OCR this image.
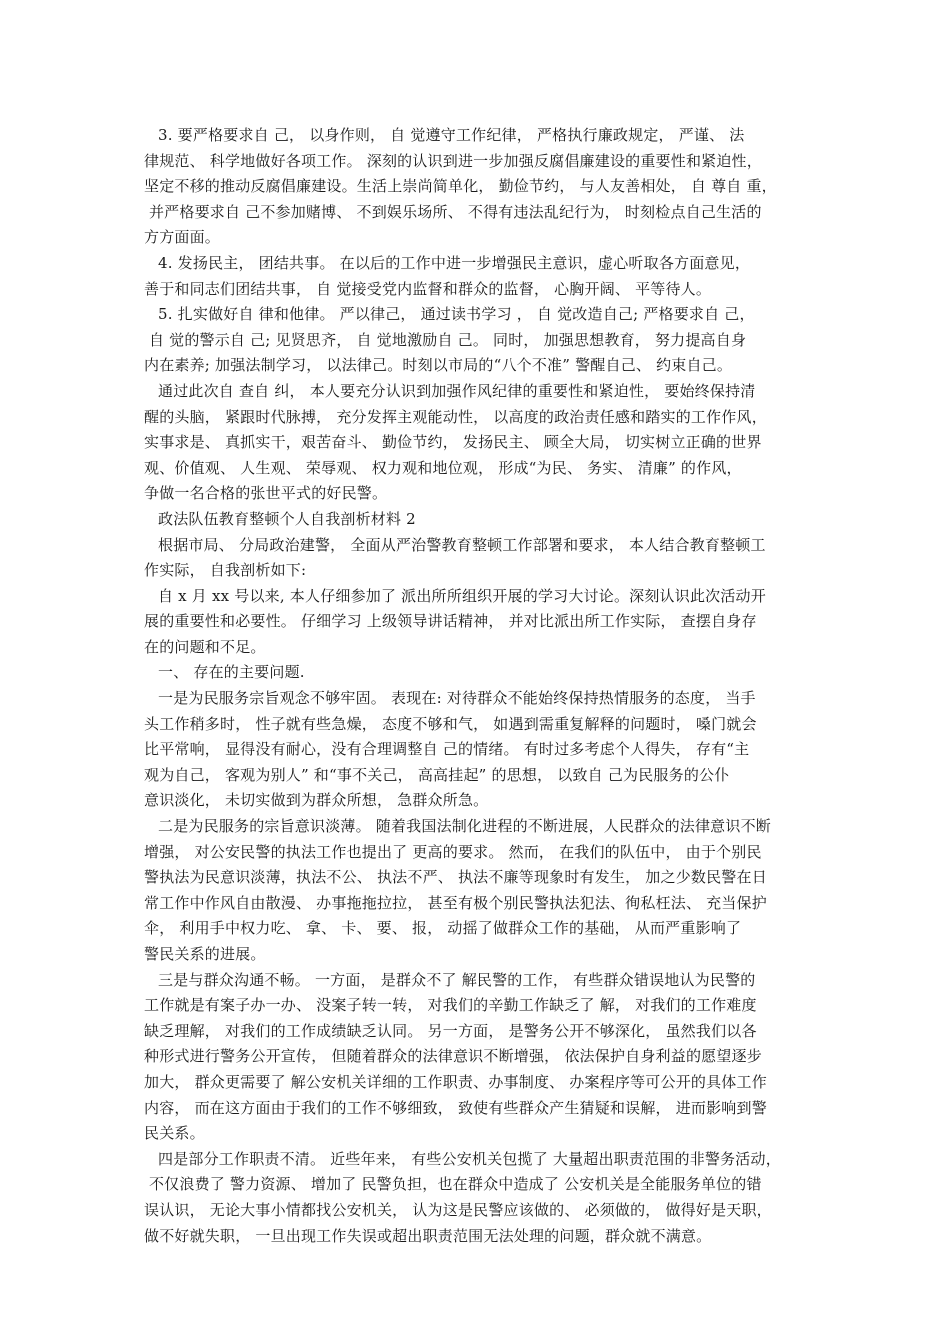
3. 要严格要求自 己， 以身作则， 自 觉遵守工作纪律， 严格执行廉政规定， 严谨、 法
律规范、 科学地做好各项工作。 深刻的认识到进一步加强反腐倡廉建设的重要性和紧迫性，
坚定不移的推动反腐倡廉建设。生活上崇尚简单化， 勤俭节约， 与人友善相处， 自 尊自 重，
并严格要求自 己不参加赌博、 不到娱乐场所、 不得有违法乱纪行为， 时刻检点自己生活的
方方面面。
4. 发扬民主， 团结共事。 在以后的工作中进一步增强民主意识，虚心听取各方面意见，
善于和同志们团结共事， 自 觉接受党内监督和群众的监督， 心胸开阔、 平等待人。
5. 扎实做好自 律和他律。 严以律己， 通过读书学习 ， 自 觉改造自己; 严格要求自 己，
自 觉的警示自 己; 见贤思齐， 自 觉地激励自 己。 同时， 加强思想教育， 努力提高自身
内在素养; 加强法制学习， 以法律己。时刻以市局的“八个不准” 警醒自己、 约束自己。
通过此次自 查自 纠， 本人要充分认识到加强作风纪律的重要性和紧迫性， 要始终保持清
醒的头脑， 紧跟时代脉搏， 充分发挥主观能动性， 以高度的政治责任感和踏实的工作作风，
实事求是、 真抓实干，艰苦奋斗、 勤俭节约， 发扬民主、 顾全大局， 切实树立正确的世界
观、价值观、 人生观、 荣辱观、 权力观和地位观， 形成“为民、 务实、 清廉” 的作风，
争做一名合格的张世平式的好民警。
政法队伍教育整顿个人自我剖析材料 2
根据市局、 分局政治建警， 全面从严治警教育整顿工作部署和要求， 本人结合教育整顿工
作实际， 自我剖析如下:
自 x 月 xx 号以来, 本人仔细参加了 派出所所组织开展的学习大讨论。深刻认识此次活动开
展的重要性和必要性。 仔细学习 上级领导讲话精神， 并对比派出所工作实际， 查摆自身存
在的问题和不足。
一、 存在的主要问题.
一是为民服务宗旨观念不够牢固。 表现在: 对待群众不能始终保持热情服务的态度， 当手
头工作稍多时， 性子就有些急燥， 态度不够和气， 如遇到需重复解释的问题时， 嗓门就会
比平常响， 显得没有耐心，没有合理调整自 己的情绪。 有时过多考虑个人得失， 存有“主
观为自己， 客观为别人” 和“事不关己， 高高挂起” 的思想， 以致自 己为民服务的公仆
意识淡化， 未切实做到为群众所想， 急群众所急。
二是为民服务的宗旨意识淡薄。 随着我国法制化进程的不断进展，人民群众的法律意识不断
增强， 对公安民警的执法工作也提出了 更高的要求。 然而， 在我们的队伍中， 由于个别民
警执法为民意识淡薄，执法不公、 执法不严、 执法不廉等现象时有发生， 加之少数民警在日
常工作中作风自由散漫、 办事拖拖拉拉， 甚至有极个别民警执法犯法、徇私枉法、 充当保护
伞， 利用手中权力吃、 拿、 卡、 要、 报， 动摇了做群众工作的基础， 从而严重影响了
警民关系的进展。
三是与群众沟通不畅。 一方面， 是群众不了 解民警的工作， 有些群众错误地认为民警的
工作就是有案子办一办、 没案子转一转， 对我们的辛勤工作缺乏了 解， 对我们的工作难度
缺乏理解， 对我们的工作成绩缺乏认同。 另一方面， 是警务公开不够深化， 虽然我们以各
种形式进行警务公开宣传， 但随着群众的法律意识不断增强， 依法保护自身利益的愿望逐步
加大， 群众更需要了 解公安机关详细的工作职责、办事制度、 办案程序等可公开的具体工作
内容， 而在这方面由于我们的工作不够细致， 致使有些群众产生猜疑和误解， 进而影响到警
民关系。
四是部分工作职责不清。 近些年来， 有些公安机关包揽了 大量超出职责范围的非警务活动，
不仅浪费了 警力资源、 增加了 民警负担，也在群众中造成了 公安机关是全能服务单位的错
误认识， 无论大事小情都找公安机关， 认为这是民警应该做的、 必须做的， 做得好是天职，
做不好就失职， 一旦出现工作失误或超出职责范围无法处理的问题，群众就不满意。
